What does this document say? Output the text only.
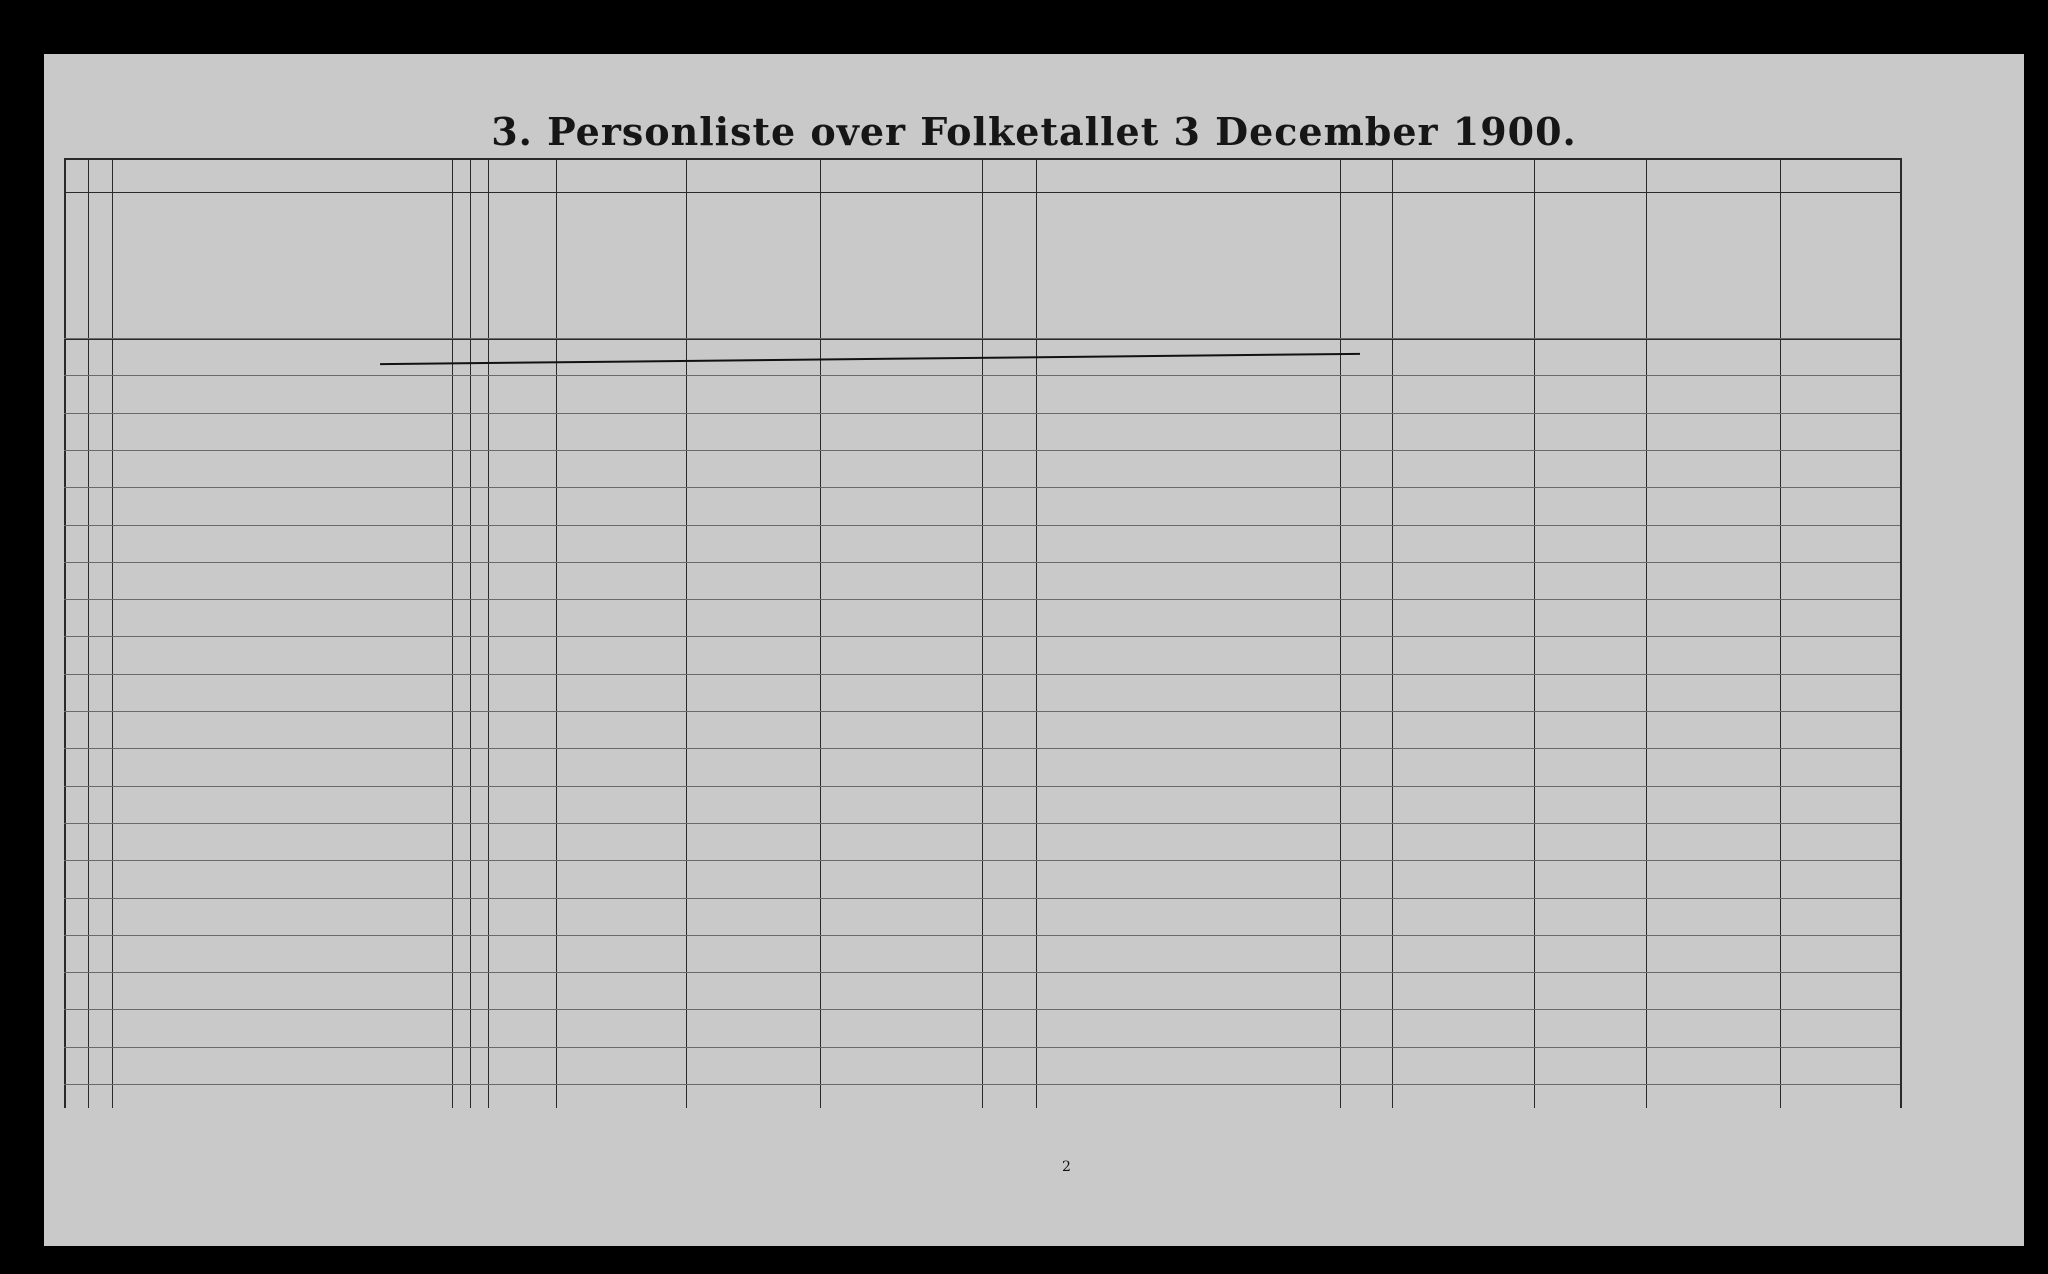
3. Personliste over Folketallet 3 December 1900.
2
